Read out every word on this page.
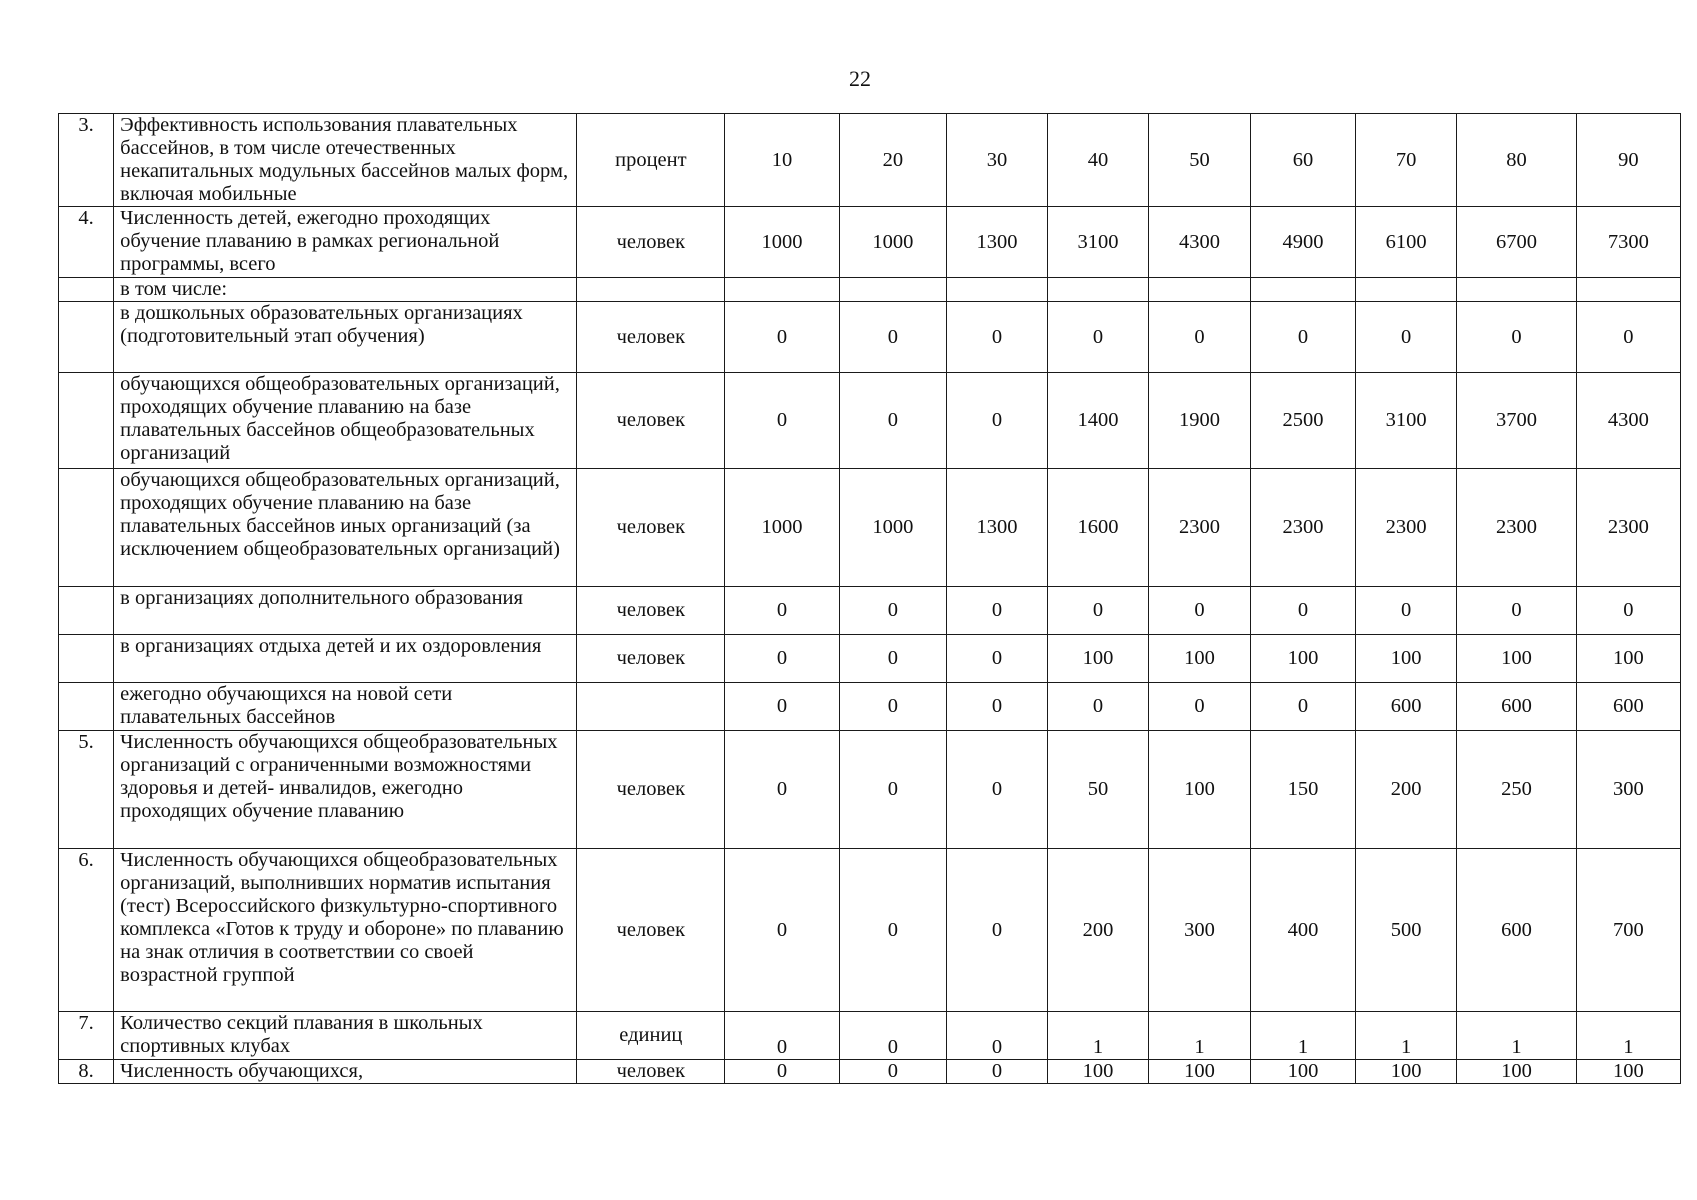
22
3.	Эффективность использования плавательных бассейнов, в том числе отечественных некапитальных модульных бассейнов малых форм, включая мобильные	процент	10	20	30	40	50	60	70	80	90
4.	Численность детей, ежегодно проходящих обучение плаванию в рамках региональной программы, всего	человек	1000	1000	1300	3100	4300	4900	6100	6700	7300
	в том числе:										
	в дошкольных образовательных организациях (подготовительный этап обучения)	человек	0	0	0	0	0	0	0	0	0
	обучающихся общеобразовательных организаций, проходящих обучение плаванию на базе плавательных бассейнов общеобразовательных организаций	человек	0	0	0	1400	1900	2500	3100	3700	4300
	обучающихся общеобразовательных организаций, проходящих обучение плаванию на базе плавательных бассейнов иных организаций (за исключением общеобразовательных организаций)	человек	1000	1000	1300	1600	2300	2300	2300	2300	2300
	в организациях дополнительного образования	человек	0	0	0	0	0	0	0	0	0
	в организациях отдыха детей и их оздоровления	человек	0	0	0	100	100	100	100	100	100
	ежегодно обучающихся на новой сети плавательных бассейнов		0	0	0	0	0	0	600	600	600
5.	Численность обучающихся общеобразовательных организаций с ограниченными возможностями здоровья и детей- инвалидов, ежегодно проходящих обучение плаванию	человек	0	0	0	50	100	150	200	250	300
6.	Численность обучающихся общеобразовательных организаций, выполнивших норматив испытания (тест) Всероссийского физкультурно-спортивного комплекса «Готов к труду и обороне» по плаванию на знак отличия в соответствии со своей возрастной группой	человек	0	0	0	200	300	400	500	600	700
7.	Количество секций плавания в школьных спортивных клубах	единиц	0	0	0	1	1	1	1	1	1
8.	Численность обучающихся,	человек	0	0	0	100	100	100	100	100	100
